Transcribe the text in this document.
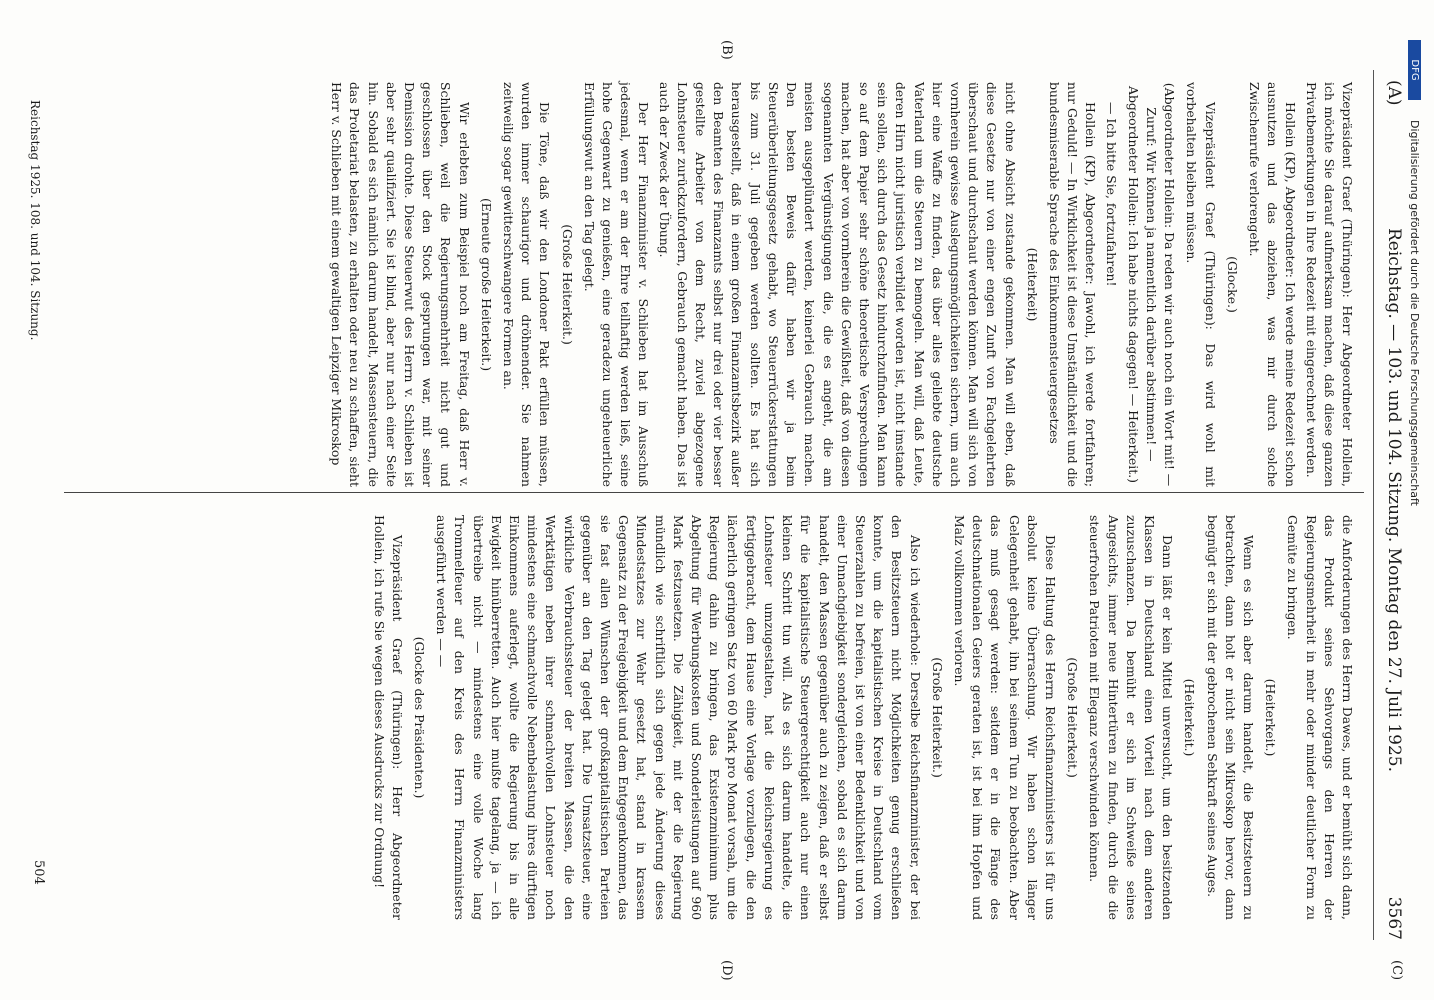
DFG
Digitalisierung gefördert durch die Deutsche Forschungsgemeinschaft
(A)
Reichstag. — 103. und 104. Sitzung. Montag den 27. Juli 1925.
3567

Vizepräsident Graef (Thüringen): Herr Abgeordneter Hollein, ich möchte Sie darauf aufmerksam machen, daß diese ganzen Privatbemerkungen in Ihre Redezeit mit eingerechnet werden.

Hollein (KP), Abgeordneter: Ich werde meine Redezeit schon ausnutzen und das abziehen, was mir durch solche Zwischenrufe verlorengeht.

(Glocke.)

Vizepräsident Graef (Thüringen): Das wird wohl mit vorbehalten bleiben müssen.

(Abgeordneter Hollein: Da reden wir auch noch ein Wort mit! — Zuruf: Wir können ja namentlich darüber abstimmen! — Abgeordneter Hollein: Ich habe nichts dagegen! — Heiterkeit.)

— Ich bitte Sie, fortzufahren!

Hollein (KP), Abgeordneter: Jawohl, ich werde fortfahren; nur Geduld! — In Wirklichkeit ist diese Umständlichkeit und die bundesmiserable Sprache des Einkommensteuergesetzes

(Heiterkeit)

nicht ohne Absicht zustande gekommen. Man will eben, daß diese Gesetze nur von einer engen Zunft von Fachgelehrten überschaut und durchschaut werden können. Man will sich von vornherein gewisse Auslegungsmöglichkeiten sichern, um auch hier eine Waffe zu finden, das über alles geliebte deutsche Vaterland um die Steuern zu bemogeln. Man will, daß Leute, deren Hirn nicht juristisch verbildet worden ist, nicht imstande sein sollen, sich durch das Gesetz hindurchzufinden. Man kann so auf dem Papier sehr schöne theoretische Versprechungen machen, hat aber von vornherein die Gewißheit, daß von diesen sogenannten Vergünstigungen die, die es angeht, die am meisten ausgeplündert werden, keinerlei Gebrauch machen. Den besten Beweis dafür haben wir ja beim Steuerüberleitungsgesetz gehabt, wo Steuerrückerstattungen bis zum 31. Juli gegeben werden sollten. Es hat sich herausgestellt, daß in einem großen Finanzamtsbezirk außer den Beamten des Finanzamts selbst nur drei oder vier besser gestellte Arbeiter von dem Recht, zuviel abgezogene Lohnsteuer zurückzufordern, Gebrauch gemacht haben. Das ist auch der Zweck der Übung.

Der Herr Finanzminister v. Schlieben hat im Ausschuß jedesmal, wenn er am der Ehre teilhaftig werden ließ, seine hohe Gegenwart zu genießen, eine geradezu ungeheuerliche Erfüllungswut an den Tag gelegt.

(Große Heiterkeit.)

Die Töne, daß wir den Londoner Pakt erfüllen müssen, wurden immer schaurigor und dröhnender. Sie nahmen zeitweilig sogar gewitterschwangere Formen an.

(Erneute große Heiterkeit.)

Wir erlebten zum Beispiel noch am Freitag, daß Herr v. Schlieben, weil die Regierungsmehrheit nicht gut und geschlossen über den Stock gesprungen war, mit seiner Demission drohte. Diese Steuerwut des Herrn v. Schlieben ist aber sehr qualifiziert. Sie ist blind, aber nur nach einer Seite hin. Sobald es sich nämlich darum handelt, Massensteuern, die das Proletariat belasten, zu erhalten oder neu zu schaffen, sieht Herr v. Schlieben mit einem gewaltigen Leipziger Mikroskop

die Anforderungen des Herrn Dawes, und er bemüht sich dann, das Produkt seines Sehvorgangs den Herren der Regierungsmehrheit in mehr oder minder deutlicher Form zu Gemüte zu bringen.

(Heiterkeit.)

Wenn es sich aber darum handelt, die Besitzsteuern zu betrachten, dann holt er nicht sein Mikroskop hervor, dann begnügt er sich mit der gebrochenen Sehkraft seines Auges.

(Heiterkeit.)

Dann läßt er kein Mittel unversucht, um den besitzenden Klassen in Deutschland einen Vorteil nach dem anderen zuzuschanzen. Da bemüht er sich im Schweiße seines Angesichts, immer neue Hintertüren zu finden, durch die die steuerfrohen Patrioten mit Eleganz verschwinden können.

(Große Heiterkeit.)

Diese Haltung des Herrn Reichsfinanzministers ist für uns absolut keine Überraschung. Wir haben schon länger Gelegenheit gehabt, ihn bei seinem Tun zu beobachten. Aber das muß gesagt werden: seitdem er in die Fänge des deutschnationalen Geiers geraten ist, ist bei ihm Hopfen und Malz vollkommen verloren.

(Große Heiterkeit.)

Also ich wiederhole: Derselbe Reichsfinanzminister, der bei den Besitzsteuern nicht Möglichkeiten genug erschließen konnte, um die kapitalistischen Kreise in Deutschland vom Steuerzahlen zu befreien, ist von einer Bedenklichkeit und von einer Unnachgiebigkeit sondergleichen, sobald es sich darum handelt, den Massen gegenüber auch zu zeigen, daß er selbst für die kapitalistische Steuergerechtigkeit auch nur einen kleinen Schritt tun will. Als es sich darum handelte, die Lohnsteuer umzugestalten, hat die Reichsregierung es fertiggebracht, dem Hause eine Vorlage vorzulegen, die den lächerlich geringen Satz von 60 Mark pro Monat vorsah, um die Regierung dahin zu bringen, das Existenzminimum plus Abgeltung für Werbungskosten und Sonderleistungen auf 960 Mark festzusetzen. Die Zähigkeit, mit der die Regierung mündlich wie schriftlich sich gegen jede Änderung dieses Mindestsatzes zur Wehr gesetzt hat, stand in krassem Gegensatz zu der Freigebigkeit und dem Entgegenkommen, das sie fast allen Wünschen der großkapitalistischen Parteien gegenüber an den Tag gelegt hat. Die Umsatzsteuer, eine wirkliche Verbrauchssteuer der breiten Massen, die den Werktätigen neben ihrer schmachvollen Lohnsteuer noch mindestens eine schmachvolle Nebenbelastung ihres dürftigen Einkommens auferlegt, wollte die Regierung bis in alle Ewigkeit hinüberretten. Auch hier mußte tagelang, ja — ich übertreibe nicht — mindestens eine volle Woche lang Trommelfeuer auf den Kreis des Herrn Finanzministers ausgeführt werden — —

(Glocke des Präsidenten.)

Vizepräsident Graef (Thüringen): Herr Abgeordneter Hollein, ich rufe Sie wegen dieses Ausdrucks zur Ordnung!

(C)
(B)
(D)
Reichstag 1925. 108. und 104. Sitzung.
504
